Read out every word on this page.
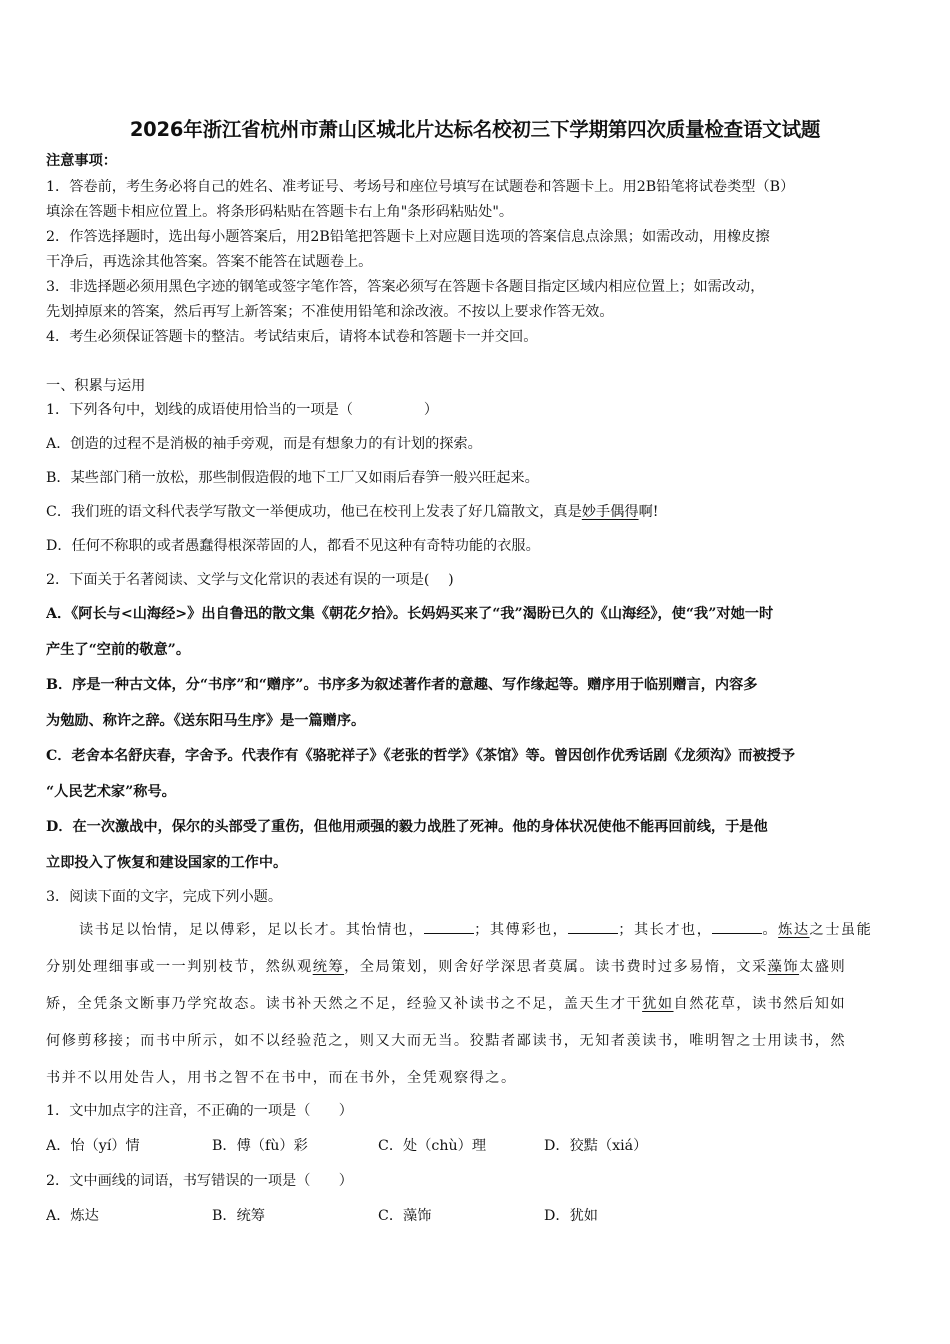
2026年浙江省杭州市萧山区城北片达标名校初三下学期第四次质量检查语文试题
注意事项：
1．答卷前，考生务必将自己的姓名、准考证号、考场号和座位号填写在试题卷和答题卡上。用2B铅笔将试卷类型（B）
填涂在答题卡相应位置上。将条形码粘贴在答题卡右上角"条形码粘贴处"。
2．作答选择题时，选出每小题答案后，用2B铅笔把答题卡上对应题目选项的答案信息点涂黑；如需改动，用橡皮擦
干净后，再选涂其他答案。答案不能答在试题卷上。
3．非选择题必须用黑色字迹的钢笔或签字笔作答，答案必须写在答题卡各题目指定区域内相应位置上；如需改动，
先划掉原来的答案，然后再写上新答案；不准使用铅笔和涂改液。不按以上要求作答无效。
4．考生必须保证答题卡的整洁。考试结束后，请将本试卷和答题卡一并交回。
一、积累与运用
1．下列各句中，划线的成语使用恰当的一项是（　　　　　）
A．创造的过程不是消极的袖手旁观，而是有想象力的有计划的探索。
B．某些部门稍一放松，那些制假造假的地下工厂又如雨后春笋一般兴旺起来。
C．我们班的语文科代表学写散文一举便成功，他已在校刊上发表了好几篇散文，真是妙手偶得啊!
D．任何不称职的或者愚蠢得根深蒂固的人，都看不见这种有奇特功能的衣服。
2．下面关于名著阅读、文学与文化常识的表述有误的一项是(　 )
A．《阿长与<山海经>》出自鲁迅的散文集《朝花夕拾》。长妈妈买来了“我”渴盼已久的《山海经》，使“我”对她一时
产生了“空前的敬意”。
B．序是一种古文体，分“书序”和“赠序”。书序多为叙述著作者的意趣、写作缘起等。赠序用于临别赠言，内容多
为勉励、称许之辞。《送东阳马生序》是一篇赠序。
C．老舍本名舒庆春，字舍予。代表作有《骆驼祥子》《老张的哲学》《茶馆》等。曾因创作优秀话剧《龙须沟》而被授予
“人民艺术家”称号。
D．在一次激战中，保尔的头部受了重伤，但他用顽强的毅力战胜了死神。他的身体状况使他不能再回前线，于是他
立即投入了恢复和建设国家的工作中。
3．阅读下面的文字，完成下列小题。
读书足以怡情，足以傅彩，足以长才。其怡情也，	；其傅彩也，	；其长才也，	。炼达之士虽能
分别处理细事或一一判别枝节，然纵观统筹，全局策划，则舍好学深思者莫属。读书费时过多易惰，文采藻饰太盛则
矫，全凭条文断事乃学究故态。读书补天然之不足，经验又补读书之不足，盖天生才干犹如自然花草，读书然后知如
何修剪移接；而书中所示，如不以经验范之，则又大而无当。狡黠者鄙读书，无知者羡读书，唯明智之士用读书，然
书并不以用处告人，用书之智不在书中，而在书外，全凭观察得之。
1．文中加点字的注音，不正确的一项是（　　）
A．怡（yí）情	B．傅（fù）彩	C．处（chù）理	D．狡黠（xiá）
2．文中画线的词语，书写错误的一项是（　　）
A．炼达	B．统筹	C．藻饰	D．犹如
